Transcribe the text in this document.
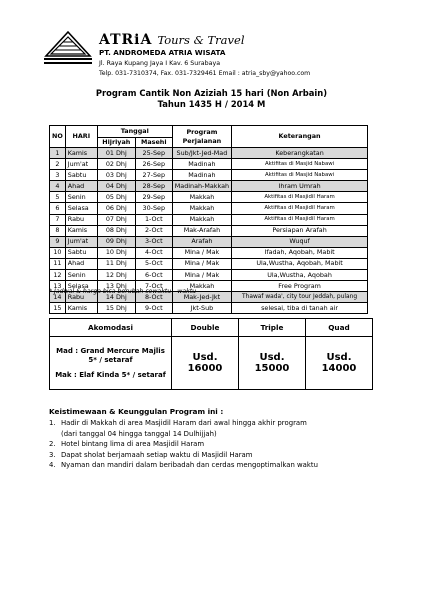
ATRiA Tours & Travel
PT. ANDROMEDA ATRIA WISATA
Jl. Raya Kupang Jaya I Kav. 6 Surabaya
Telp. 031-7310374, Fax. 031-7329461 Email : atria_sby@yahoo.com
Program Cantik Non Aziziah 15 hari (Non Arbain)
Tahun 1435 H / 2014 M
NO	HARI	Tanggal		Program Perjalanan	Keterangan
		Hijriyah	Masehi		
1	Kamis	01 Dhj	25-Sep	Sub/Jkt-Jed-Mad	Keberangkatan
2	Jum'at	02 Dhj	26-Sep	Madinah	Aktifitas di Masjid Nabawi
3	Sabtu	03 Dhj	27-Sep	Madinah	Aktifitas di Masjid Nabawi
4	Ahad	04 Dhj	28-Sep	Madinah-Makkah	Ihram Umrah
5	Senin	05 Dhj	29-Sep	Makkah	Aktifitas di Masjidil Haram
6	Selasa	06 Dhj	30-Sep	Makkah	Aktifitas di Masjidil Haram
7	Rabu	07 Dhj	1-Oct	Makkah	Aktifitas di Masjidil Haram
8	Kamis	08 Dhj	2-Oct	Mak-Arafah	Persiapan Arafah
9	Jum'at	09 Dhj	3-Oct	Arafah	Wuquf
10	Sabtu	10 Dhj	4-Oct	Mina / Mak	Ifadah, Aqobah, Mabit
11	Ahad	11 Dhj	5-Oct	Mina / Mak	Ula,Wustha, Aqobah, Mabit
12	Senin	12 Dhj	6-Oct	Mina / Mak	Ula,Wustha, Aqobah
13	Selasa	13 Dhj	7-Oct	Makkah	Free Program
14	Rabu	14 Dhj	8-Oct	Mak-Jed-Jkt	Thawaf wada', city tour Jeddah, pulang
15	Kamis	15 Dhj	9-Oct	Jkt-Sub	selesai, tiba di tanah air
* Jadwal & harga bisa berubah sewaktu - waktu
Akomodasi	Double	Triple	Quad

Mad : Grand Mercure Majlis 5* / setaraf
Mak : Elaf Kinda 5* / setaraf	Usd. 16000	Usd. 15000	Usd. 14000
Keistimewaan & Keunggulan Program ini :
1. Hadir di Makkah di area Masjidil Haram dari awal hingga akhir program
(dari tanggal 04 hingga tanggal 14 Dulhijjah)
2. Hotel bintang lima di area Masjidil Haram
3. Dapat sholat berjamaah setiap waktu di Masjidil Haram
4. Nyaman dan mandiri dalam beribadah dan cerdas mengoptimalkan waktu
